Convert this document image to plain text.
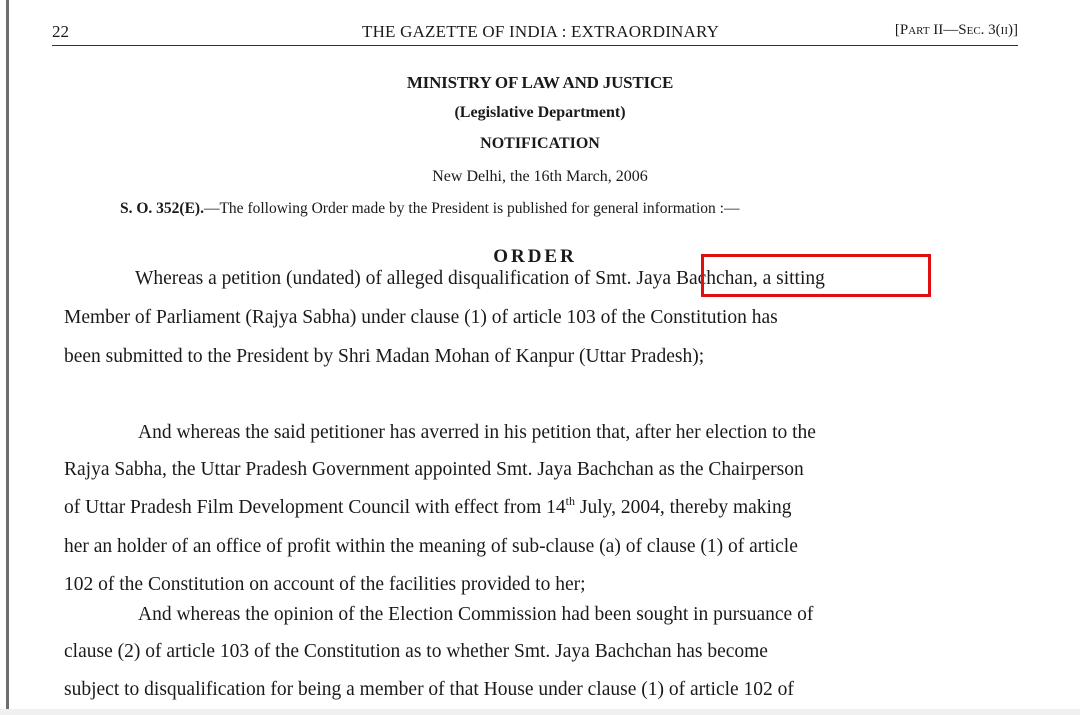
22	THE GAZETTE OF INDIA : EXTRAORDINARY	[Part II—Sec. 3(ii)]
MINISTRY OF LAW AND JUSTICE
(Legislative Department)
NOTIFICATION
New Delhi, the 16th March, 2006
S. O. 352(E).—The following Order made by the President is published for general information :—
ORDER
Whereas a petition (undated) of alleged disqualification of Smt. Jaya Bachchan, a sitting
Member of Parliament (Rajya Sabha) under clause (1) of article 103 of the Constitution has
been submitted to the President by Shri Madan Mohan of Kanpur (Uttar Pradesh);
And whereas the said petitioner has averred in his petition that, after her election to the
Rajya Sabha, the Uttar Pradesh Government appointed Smt. Jaya Bachchan as the Chairperson
of Uttar Pradesh Film Development Council with effect from 14th July, 2004, thereby making
her an holder of an office of profit within the meaning of sub-clause (a) of clause (1) of article
102 of the Constitution on account of the facilities provided to her;
And whereas the opinion of the Election Commission had been sought in pursuance of
clause (2) of article 103 of the Constitution as to whether Smt. Jaya Bachchan has become
subject to disqualification for being a member of that House under clause (1) of article 102 of
